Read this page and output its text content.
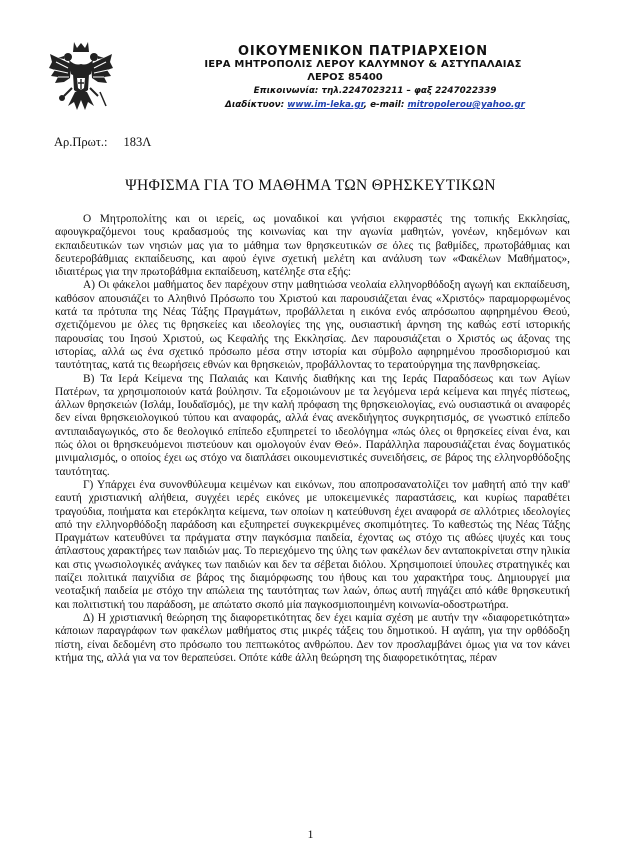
ΟΙΚΟΥΜΕΝΙΚΟΝ ΠΑΤΡΙΑΡΧΕΙΟΝ
ΙΕΡΑ ΜΗΤΡΟΠΟΛΙΣ ΛΕΡΟΥ ΚΑΛΥΜΝΟΥ & ΑΣΤΥΠΑΛΑΙΑΣ
ΛΕΡΟΣ 85400
Επικοινωνία: τηλ.2247023211 – φαξ 2247022339
Διαδίκτυον: www.im-leka.gr, e-mail: mitropolerou@yahoo.gr
Αρ.Πρωτ.: 183Λ
ΨΗΦΙΣΜΑ ΓΙΑ ΤΟ ΜΑΘΗΜΑ ΤΩΝ ΘΡΗΣΚΕΥΤΙΚΩΝ

Ο Μητροπολίτης και οι ιερείς, ως μοναδικοί και γνήσιοι εκφραστές της τοπικής Εκκλησίας, αφουγκραζόμενοι τους κραδασμούς της κοινωνίας και την αγωνία μαθητών, γονέων, κηδεμόνων και εκπαιδευτικών των νησιών μας για το μάθημα των θρησκευτικών σε όλες τις βαθμίδες, πρωτοβάθμιας και δευτεροβάθμιας εκπαίδευσης, και αφού έγινε σχετική μελέτη και ανάλυση των «Φακέλων Μαθήματος», ιδιαιτέρως για την πρωτοβάθμια εκπαίδευση, κατέληξε στα εξής:

Α) Οι φάκελοι μαθήματος δεν παρέχουν στην μαθητιώσα νεολαία ελληνορθόδοξη αγωγή και εκπαίδευση, καθόσον απουσιάζει το Αληθινό Πρόσωπο του Χριστού και παρουσιάζεται ένας «Χριστός» παραμορφωμένος κατά τα πρότυπα της Νέας Τάξης Πραγμάτων, προβάλλεται η εικόνα ενός απρόσωπου αφηρημένου Θεού, σχετιζόμενου με όλες τις θρησκείες και ιδεολογίες της γης, ουσιαστική άρνηση της καθώς εστί ιστορικής παρουσίας του Ιησού Χριστού, ως Κεφαλής της Εκκλησίας. Δεν παρουσιάζεται ο Χριστός ως άξονας της ιστορίας, αλλά ως ένα σχετικό πρόσωπο μέσα στην ιστορία και σύμβολο αφηρημένου προσδιορισμού και ταυτότητας, κατά τις θεωρήσεις εθνών και θρησκειών, προβάλλοντας το τερατούργημα της πανθρησκείας.

Β) Τα Ιερά Κείμενα της Παλαιάς και Καινής διαθήκης και της Ιεράς Παραδόσεως και των Αγίων Πατέρων, τα χρησιμοποιούν κατά βούλησιν. Τα εξομοιώνουν με τα λεγόμενα ιερά κείμενα και πηγές πίστεως, άλλων θρησκειών (Ισλάμ, Ιουδαϊσμός), με την καλή πρόφαση της θρησκειολογίας, ενώ ουσιαστικά οι αναφορές δεν είναι θρησκειολογικού τύπου και αναφοράς, αλλά ένας ανεκδιήγητος συγκρητισμός, σε γνωστικό επίπεδο αντιπαιδαγωγικός, στο δε θεολογικό επίπεδο εξυπηρετεί το ιδεολόγημα «πώς όλες οι θρησκείες είναι ένα, και πώς όλοι οι θρησκευόμενοι πιστεύουν και ομολογούν έναν Θεό». Παράλληλα παρουσιάζεται ένας δογματικός μινιμαλισμός, ο οποίος έχει ως στόχο να διαπλάσει οικουμενιστικές συνειδήσεις, σε βάρος της ελληνορθόδοξης ταυτότητας.

Γ) Υπάρχει ένα συνονθύλευμα κειμένων και εικόνων, που αποπροσανατολίζει τον μαθητή από την καθ' εαυτή χριστιανική αλήθεια, συγχέει ιερές εικόνες με υποκειμενικές παραστάσεις, και κυρίως παραθέτει τραγούδια, ποιήματα και ετερόκλητα κείμενα, των οποίων η κατεύθυνση έχει αναφορά σε αλλότριες ιδεολογίες από την ελληνορθόδοξη παράδοση και εξυπηρετεί συγκεκριμένες σκοπιμότητες. Το καθεστώς της Νέας Τάξης Πραγμάτων κατευθύνει τα πράγματα στην παγκόσμια παιδεία, έχοντας ως στόχο τις αθώες ψυχές και τους άπλαστους χαρακτήρες των παιδιών μας. Το περιεχόμενο της ύλης των φακέλων δεν ανταποκρίνεται στην ηλικία και στις γνωσιολογικές ανάγκες των παιδιών και δεν τα σέβεται διόλου. Χρησιμοποιεί ύπουλες στρατηγικές και παίζει πολιτικά παιχνίδια σε βάρος της διαμόρφωσης του ήθους και του χαρακτήρα τους. Δημιουργεί μια νεοταξική παιδεία με στόχο την απώλεια της ταυτότητας των λαών, όπως αυτή πηγάζει από κάθε θρησκευτική και πολιτιστική του παράδοση, με απώτατο σκοπό μία παγκοσμιοποιημένη κοινωνία-οδοστρωτήρα.

Δ) Η χριστιανική θεώρηση της διαφορετικότητας δεν έχει καμία σχέση με αυτήν την «διαφορετικότητα» κάποιων παραγράφων των φακέλων μαθήματος στις μικρές τάξεις του δημοτικού. Η αγάπη, για την ορθόδοξη πίστη, είναι δεδομένη στο πρόσωπο του πεπτωκότος ανθρώπου. Δεν τον προσλαμβάνει όμως για να τον κάνει κτήμα της, αλλά για να τον θεραπεύσει. Οπότε κάθε άλλη θεώρηση της διαφορετικότητας, πέραν

1
